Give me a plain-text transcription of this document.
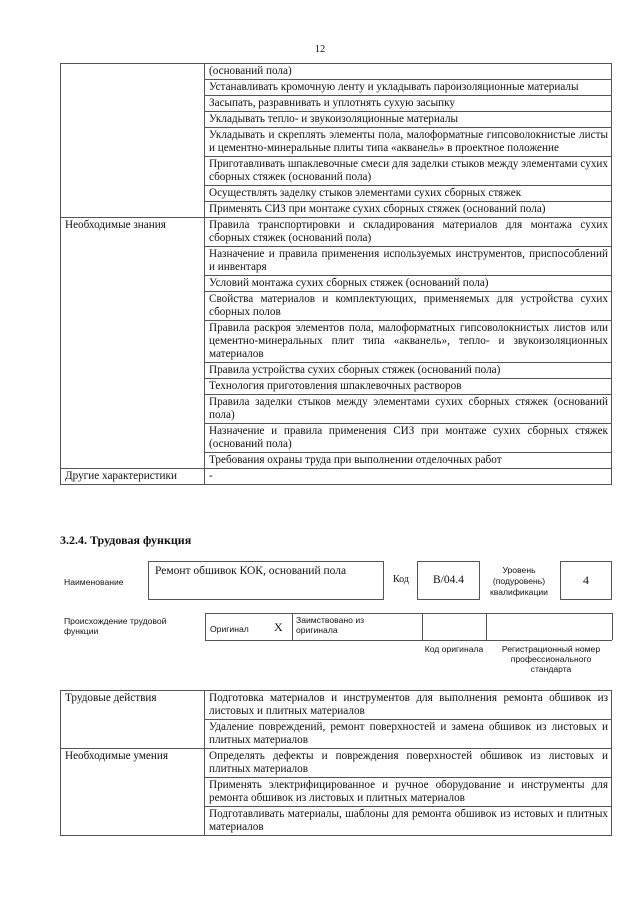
12
	(оснований пола)
	Устанавливать кромочную ленту и укладывать пароизоляционные материалы
	Засыпать, разравнивать и уплотнять сухую засыпку
	Укладывать тепло- и звукоизоляционные материалы
	Укладывать и скреплять элементы пола, малоформатные гипсоволокнистые листы и цементно-минеральные плиты типа «акванель» в проектное положение
	Приготавливать шпаклевочные смеси для заделки стыков между элементами сухих сборных стяжек (оснований пола)
	Осуществлять заделку стыков элементами сухих сборных стяжек
	Применять СИЗ при монтаже сухих сборных стяжек (оснований пола)
Необходимые знания	Правила транспортировки и складирования материалов для монтажа сухих сборных стяжек (оснований пола)
	Назначение и правила применения используемых инструментов, приспособлений и инвентаря
	Условий монтажа сухих сборных стяжек (оснований пола)
	Свойства материалов и комплектующих, применяемых для устройства сухих сборных полов
	Правила раскроя элементов пола, малоформатных гипсоволокнистых листов или цементно-минеральных плит типа «акванель», тепло- и звукоизоляционных материалов
	Правила устройства сухих сборных стяжек (оснований пола)
	Технология приготовления шпаклевочных растворов
	Правила заделки стыков между элементами сухих сборных стяжек (оснований пола)
	Назначение и правила применения СИЗ при монтаже сухих сборных стяжек (оснований пола)
	Требования охраны труда при выполнении отделочных работ
Другие характеристики	-
3.2.4. Трудовая функция
Наименование
Ремонт обшивок КОК, оснований пола
Код	B/04.4
Уровень (подуровень) квалификации
4
Происхождение трудовой функции	Оригинал X Заимствовано из оригинала
Код оригинала	Регистрационный номер профессионального стандарта
Трудовые действия	Подготовка материалов и инструментов для выполнения ремонта обшивок из листовых и плитных материалов
	Удаление повреждений, ремонт поверхностей и замена обшивок из листовых и плитных материалов
Необходимые умения	Определять дефекты и повреждения поверхностей обшивок из листовых и плитных материалов
	Применять электрифицированное и ручное оборудование и инструменты для ремонта обшивок из листовых и плитных материалов
	Подготавливать материалы, шаблоны для ремонта обшивок из истовых и плитных материалов
